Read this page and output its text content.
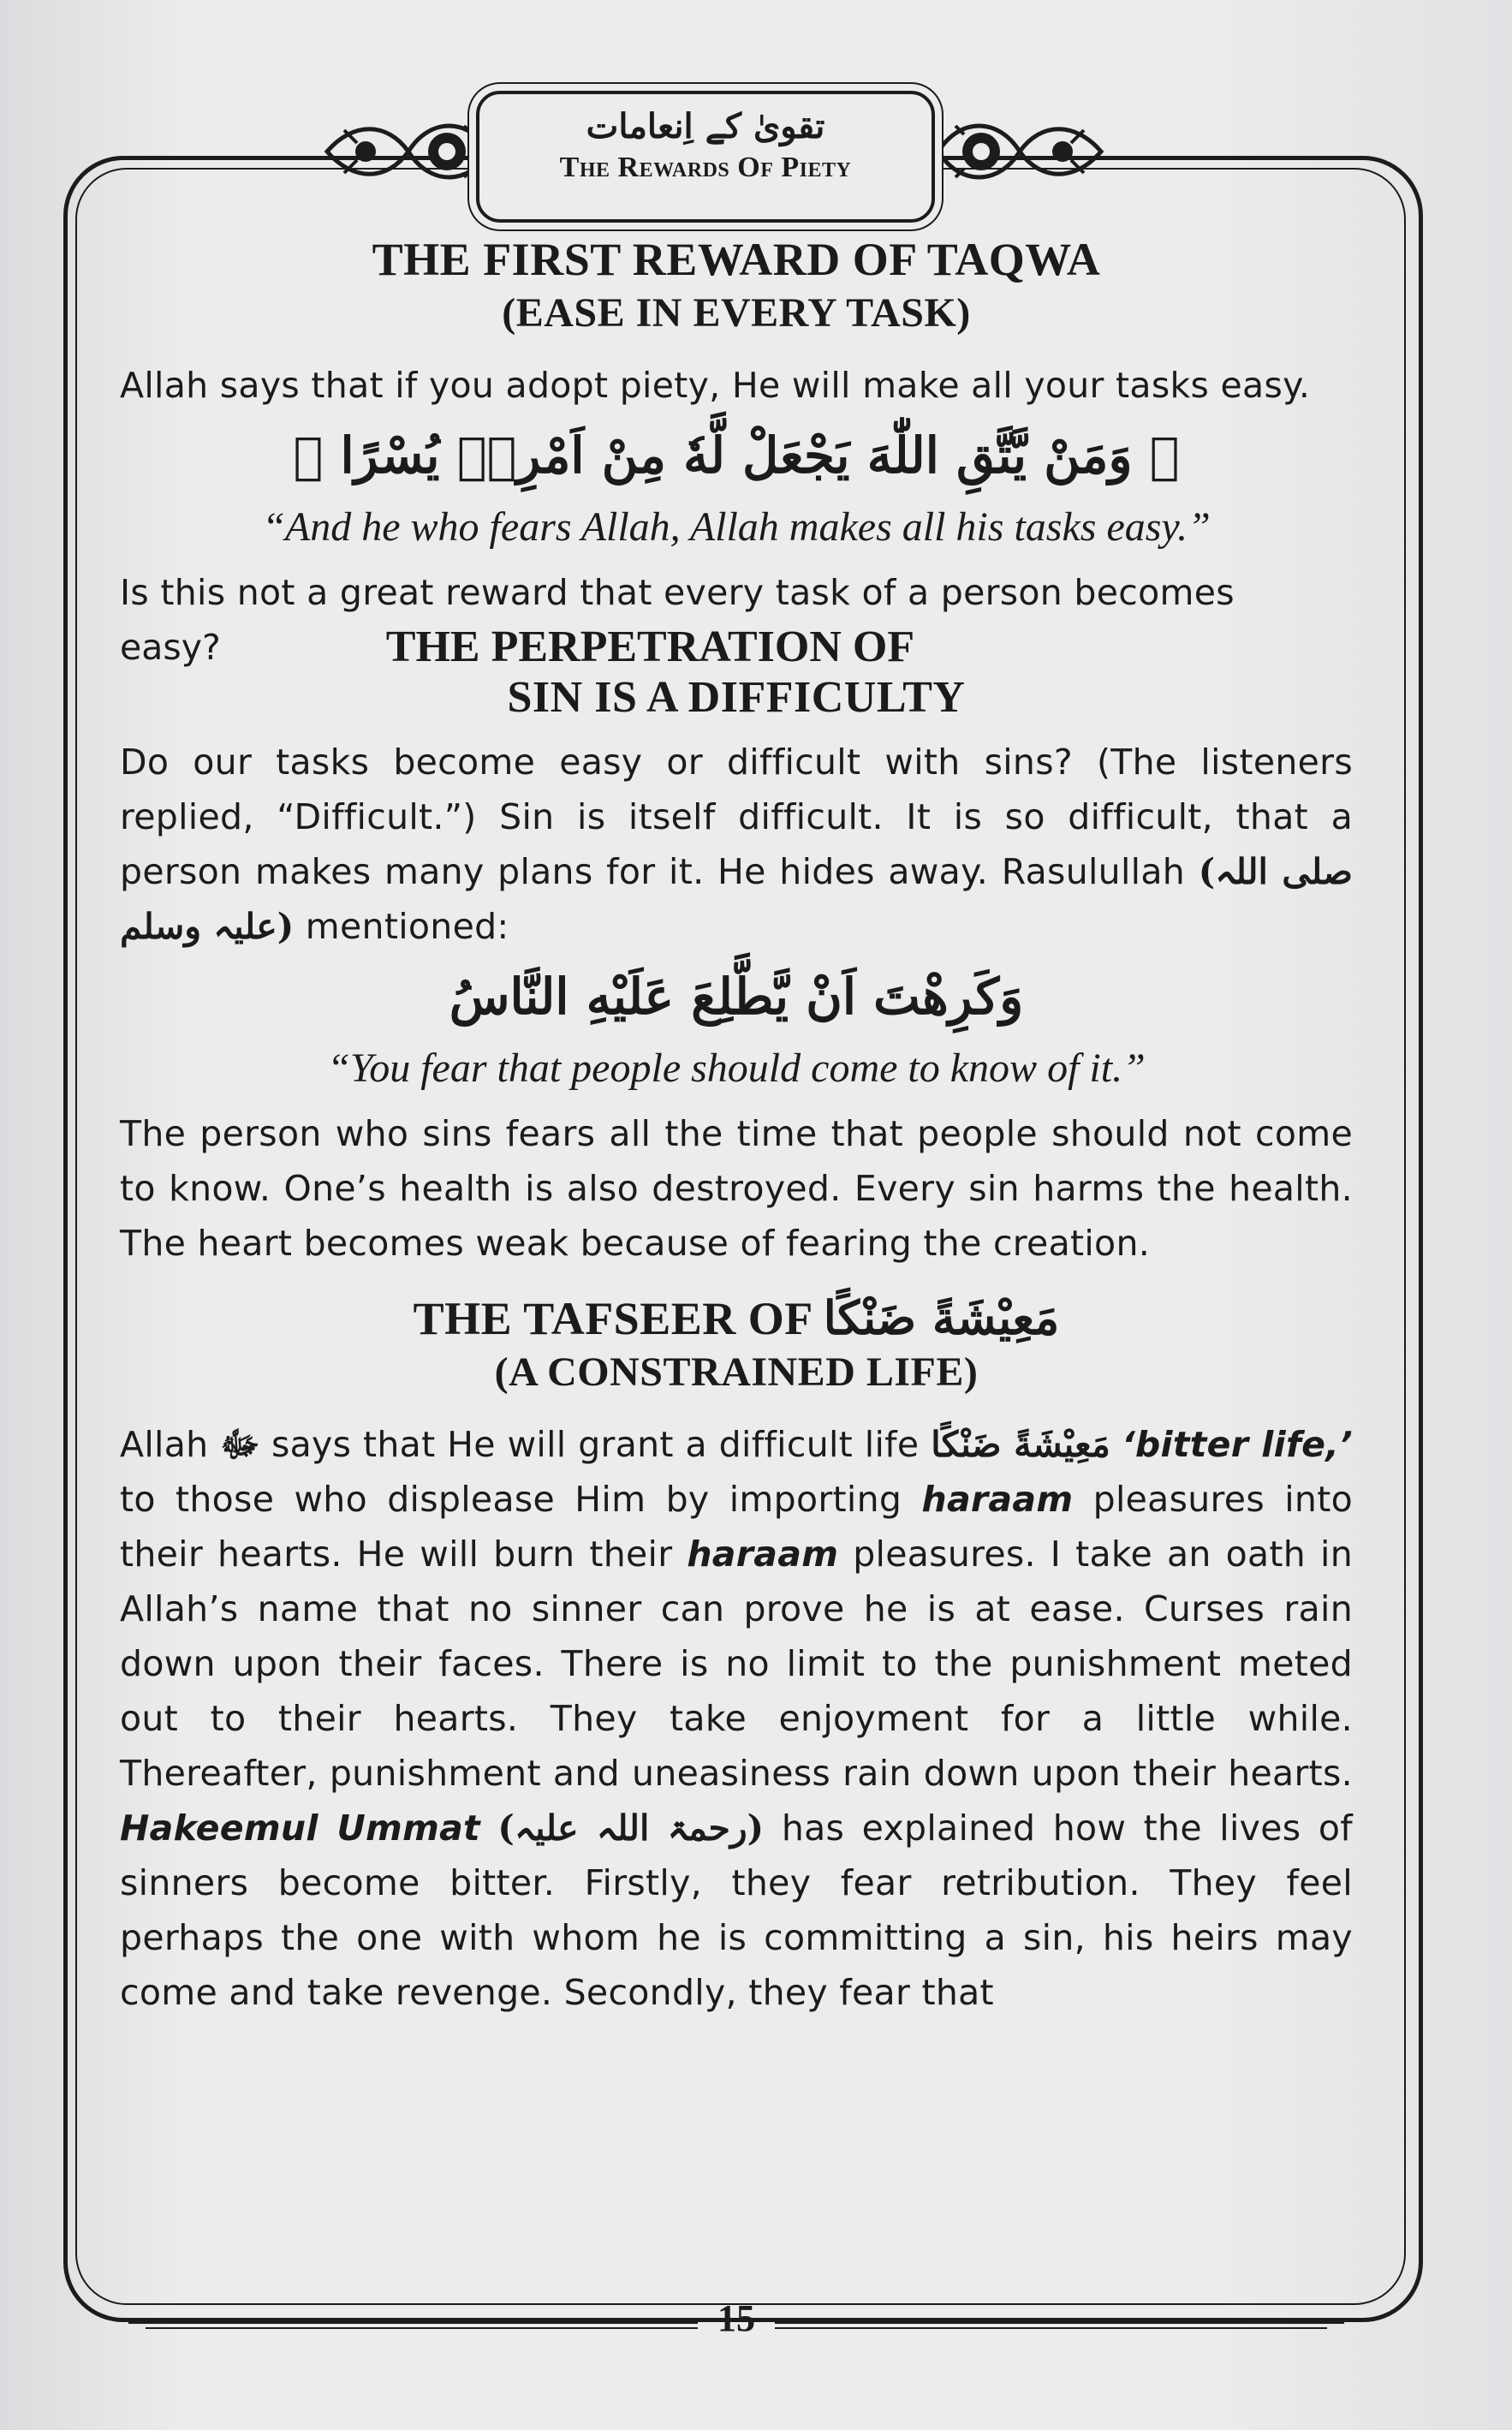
تقویٰ کے اِنعامات
The Rewards Of Piety
THE FIRST REWARD OF TAQWA
(EASE IN EVERY TASK)

Allah says that if you adopt piety, He will make all your tasks easy.

﴿ وَمَنْ يَّتَّقِ اللّٰهَ يَجْعَلْ لَّهٗ مِنْ اَمْرِهٖ يُسْرًا ﴾
“And he who fears Allah, Allah makes all his tasks easy.”

Is this not a great reward that every task of a person becomes

easy?	THE PERPETRATION OF
SIN IS A DIFFICULTY

Do our tasks become easy or difficult with sins? (The listeners replied, “Difficult.”) Sin is itself difficult. It is so difficult, that a person makes many plans for it. He hides away. Rasulullah (صلی اللہ علیہ وسلم) mentioned:

وَكَرِهْتَ اَنْ يَّطَّلِعَ عَلَيْهِ النَّاسُ
“You fear that people should come to know of it.”

The person who sins fears all the time that people should not come to know. One’s health is also destroyed. Every sin harms the health. The heart becomes weak because of fearing the creation.

THE TAFSEER OF مَعِيْشَةً ضَنْكًا
(A CONSTRAINED LIFE)

Allah ﷻ says that He will grant a difficult life مَعِيْشَةً ضَنْكًا ‘bitter life,’ to those who displease Him by importing haraam pleasures into their hearts. He will burn their haraam pleasures. I take an oath in Allah’s name that no sinner can prove he is at ease. Curses rain down upon their faces. There is no limit to the punishment meted out to their hearts. They take enjoyment for a little while. Thereafter, punishment and uneasiness rain down upon their hearts. Hakeemul Ummat (رحمۃ اللہ علیہ) has explained how the lives of sinners become bitter. Firstly, they fear retribution. They feel perhaps the one with whom he is committing a sin, his heirs may come and take revenge. Secondly, they fear that

15
